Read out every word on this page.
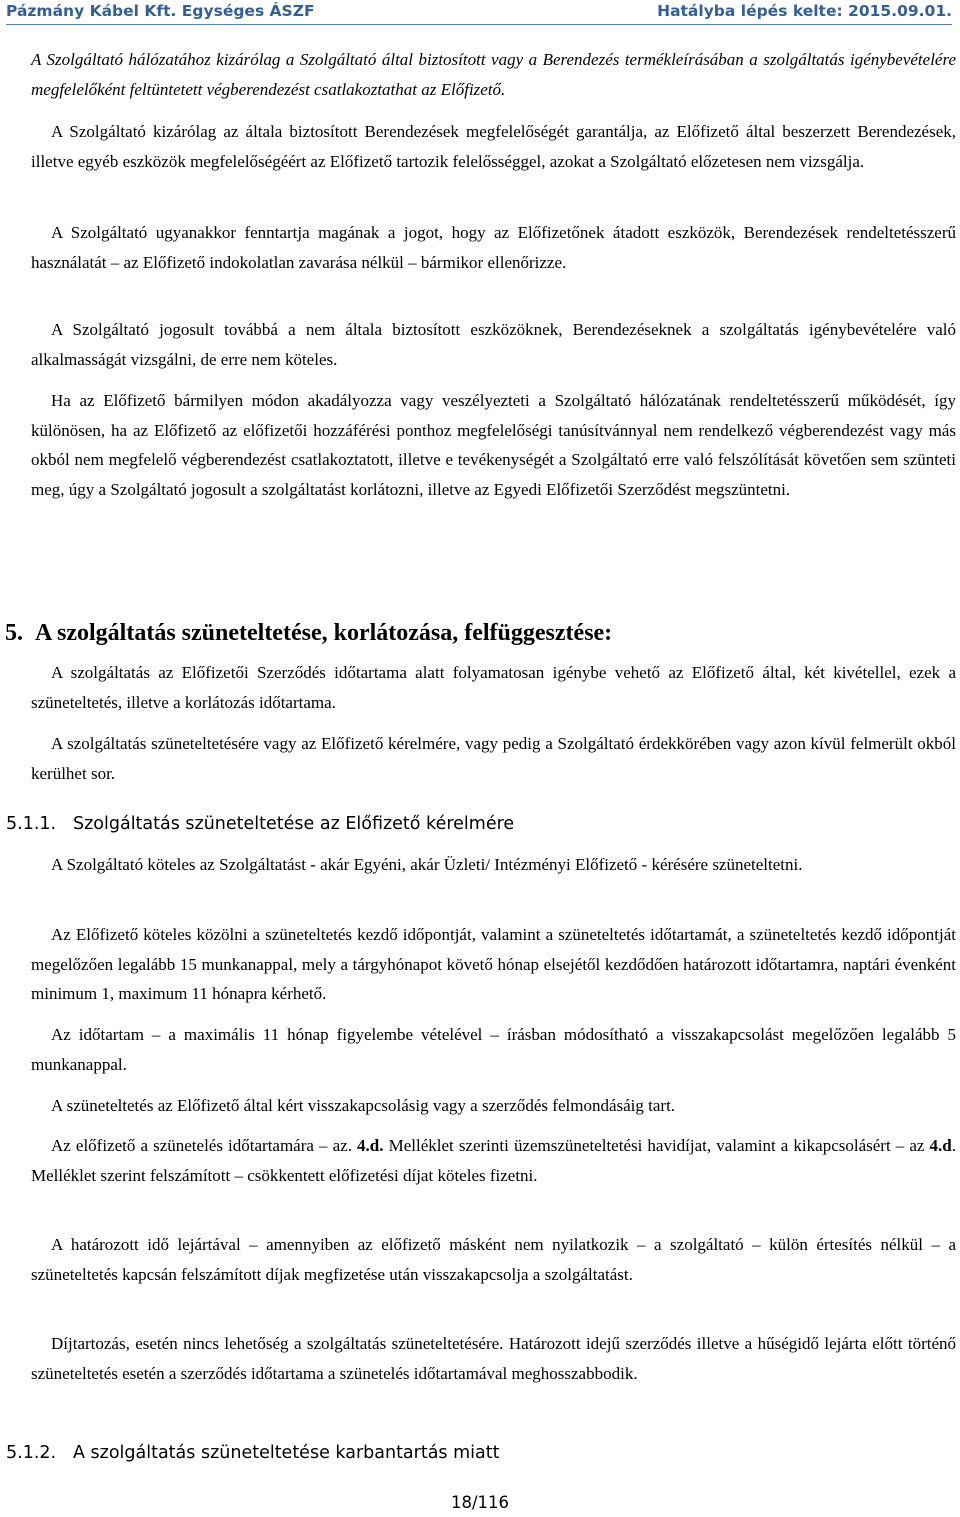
Pázmány Kábel Kft. Egységes ÁSZF	Hatályba lépés kelte: 2015.09.01.

A Szolgáltató hálózatához kizárólag a Szolgáltató által biztosított vagy a Berendezés termékleírásában a szolgáltatás igénybevételére megfelelőként feltüntetett végberendezést csatlakoztathat az Előfizető.

A Szolgáltató kizárólag az általa biztosított Berendezések megfelelőségét garantálja, az Előfizető által beszerzett Berendezések, illetve egyéb eszközök megfelelőségéért az Előfizető tartozik felelősséggel, azokat a Szolgáltató előzetesen nem vizsgálja.

A Szolgáltató ugyanakkor fenntartja magának a jogot, hogy az Előfizetőnek átadott eszközök, Berendezések rendeltetésszerű használatát – az Előfizető indokolatlan zavarása nélkül – bármikor ellenőrizze.

A Szolgáltató jogosult továbbá a nem általa biztosított eszközöknek, Berendezéseknek a szolgáltatás igénybevételére való alkalmasságát vizsgálni, de erre nem köteles.

Ha az Előfizető bármilyen módon akadályozza vagy veszélyezteti a Szolgáltató hálózatának rendeltetésszerű működését, így különösen, ha az Előfizető az előfizetői hozzáférési ponthoz megfelelőségi tanúsítvánnyal nem rendelkező végberendezést vagy más okból nem megfelelő végberendezést csatlakoztatott, illetve e tevékenységét a Szolgáltató erre való felszólítását követően sem szünteti meg, úgy a Szolgáltató jogosult a szolgáltatást korlátozni, illetve az Egyedi Előfizetői Szerződést megszüntetni.

5. A szolgáltatás szüneteltetése, korlátozása, felfüggesztése:

A szolgáltatás az Előfizetői Szerződés időtartama alatt folyamatosan igénybe vehető az Előfizető által, két kivétellel, ezek a szüneteltetés, illetve a korlátozás időtartama.

A szolgáltatás szüneteltetésére vagy az Előfizető kérelmére, vagy pedig a Szolgáltató érdekkörében vagy azon kívül felmerült okból kerülhet sor.

5.1.1. Szolgáltatás szüneteltetése az Előfizető kérelmére

A Szolgáltató köteles az Szolgáltatást - akár Egyéni, akár Üzleti/ Intézményi Előfizető - kérésére szüneteltetni.

Az Előfizető köteles közölni a szüneteltetés kezdő időpontját, valamint a szüneteltetés időtartamát, a szüneteltetés kezdő időpontját megelőzően legalább 15 munkanappal, mely a tárgyhónapot követő hónap elsejétől kezdődően határozott időtartamra, naptári évenként minimum 1, maximum 11 hónapra kérhető.

Az időtartam – a maximális 11 hónap figyelembe vételével – írásban módosítható a visszakapcsolást megelőzően legalább 5 munkanappal.

A szüneteltetés az Előfizető által kért visszakapcsolásig vagy a szerződés felmondásáig tart.

Az előfizető a szünetelés időtartamára – az. 4.d. Melléklet szerinti üzemszüneteltetési havidíjat, valamint a kikapcsolásért – az 4.d. Melléklet szerint felszámított – csökkentett előfizetési díjat köteles fizetni.

A határozott idő lejártával – amennyiben az előfizető másként nem nyilatkozik – a szolgáltató – külön értesítés nélkül – a szüneteltetés kapcsán felszámított díjak megfizetése után visszakapcsolja a szolgáltatást.

Díjtartozás, esetén nincs lehetőség a szolgáltatás szüneteltetésére. Határozott idejű szerződés illetve a hűségidő lejárta előtt történő szüneteltetés esetén a szerződés időtartama a szünetelés időtartamával meghosszabbodik.

5.1.2. A szolgáltatás szüneteltetése karbantartás miatt
18/116
